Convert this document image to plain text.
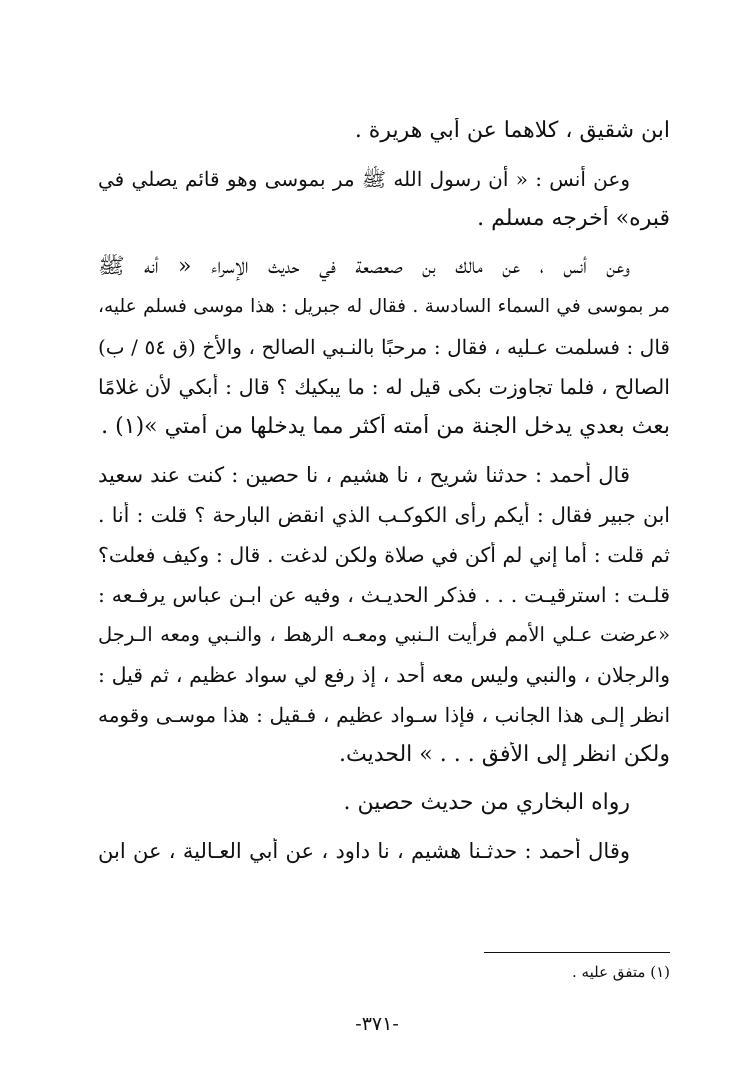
ابن شقيق ، كلاهما عن أبي هريرة .
وعن أنس : « أن رسول الله ﷺ مر بموسى وهو قائم يصلي في
قبره» أخرجه مسلم .
وعن أنس ، عن مالك بن صعصعة في حديث الإسراء « أنه ﷺ
مر بموسى في السماء السادسة . فقال له جبريل : هذا موسى فسلم عليه،
قال : فسلمت عـليه ، فقال : مرحبًا بالنـبي الصالح ، والأخ (ق ٥٤ / ب)
الصالح ، فلما تجاوزت بكى قيل له : ما يبكيك ؟ قال : أبكي لأن غلامًا
بعث بعدي يدخل الجنة من أمته أكثر مما يدخلها من أمتي »(١) .
قال أحمد : حدثنا شريح ، نا هشيم ، نا حصين : كنت عند سعيد
ابن جبير فقال : أيكم رأى الكوكـب الذي انقض البارحة ؟ قلت : أنا .
ثم قلت : أما إني لم أكن في صلاة ولكن لدغت . قال : وكيف فعلت؟
قلـت : استرقيـت . . . فذكر الحديـث ، وفيه عن ابـن عباس يرفـعه :
«عرضت عـلي الأمم فرأيت الـنبي ومعـه الرهط ، والنـبي ومعه الـرجل
والرجلان ، والنبي وليس معه أحد ، إذ رفع لي سواد عظيم ، ثم قيل :
انظر إلـى هذا الجانب ، فإذا سـواد عظيم ، فـقيل : هذا موسـى وقومه
ولكن انظر إلى الأفق . . . » الحديث.
رواه البخاري من حديث حصين .
وقال أحمد : حدثـنا هشيم ، نا داود ، عن أبي العـالية ، عن ابن
(١) متفق عليه .
-٣٧١-
